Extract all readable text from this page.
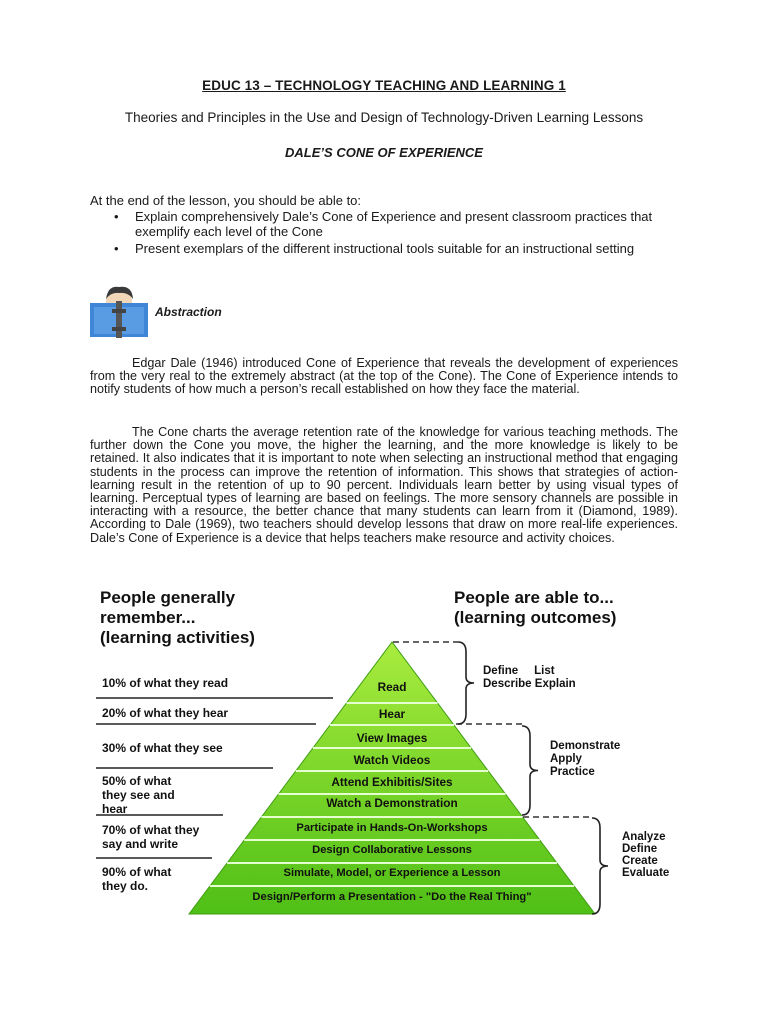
EDUC 13 – TECHNOLOGY TEACHING AND LEARNING 1
Theories and Principles in the Use and Design of Technology-Driven Learning Lessons
DALE’S CONE OF EXPERIENCE
At the end of the lesson, you should be able to:
• Explain comprehensively Dale’s Cone of Experience and present classroom practices that exemplify each level of the Cone
• Present exemplars of the different instructional tools suitable for an instructional setting
Abstraction

Edgar Dale (1946) introduced Cone of Experience that reveals the development of experiences from the very real to the extremely abstract (at the top of the Cone). The Cone of Experience intends to notify students of how much a person’s recall established on how they face the material.

The Cone charts the average retention rate of the knowledge for various teaching methods. The further down the Cone you move, the higher the learning, and the more knowledge is likely to be retained. It also indicates that it is important to note when selecting an instructional method that engaging students in the process can improve the retention of information. This shows that strategies of action-learning result in the retention of up to 90 percent. Individuals learn better by using visual types of learning. Perceptual types of learning are based on feelings. The more sensory channels are possible in interacting with a resource, the better chance that many students can learn from it (Diamond, 1989). According to Dale (1969), two teachers should develop lessons that draw on more real-life experiences. Dale’s Cone of Experience is a device that helps teachers make resource and activity choices.

Read
Hear
View Images
Watch Videos
Attend Exhibitis/Sites
Watch a Demonstration
Participate in Hands-On-Workshops
Design Collaborative Lessons
Simulate, Model, or Experience a Lesson
Design/Perform a Presentation - "Do the Real Thing"
People generally
remember...
(learning activities)
10% of what they read
20% of what they hear
30% of what they see
50% of what
they see and
hear
70% of what they
say and write
90% of what
they do.
People are able to...
(learning outcomes)
Define     List
Describe Explain
Demonstrate
Apply
Practice
Analyze
Define
Create
Evaluate
